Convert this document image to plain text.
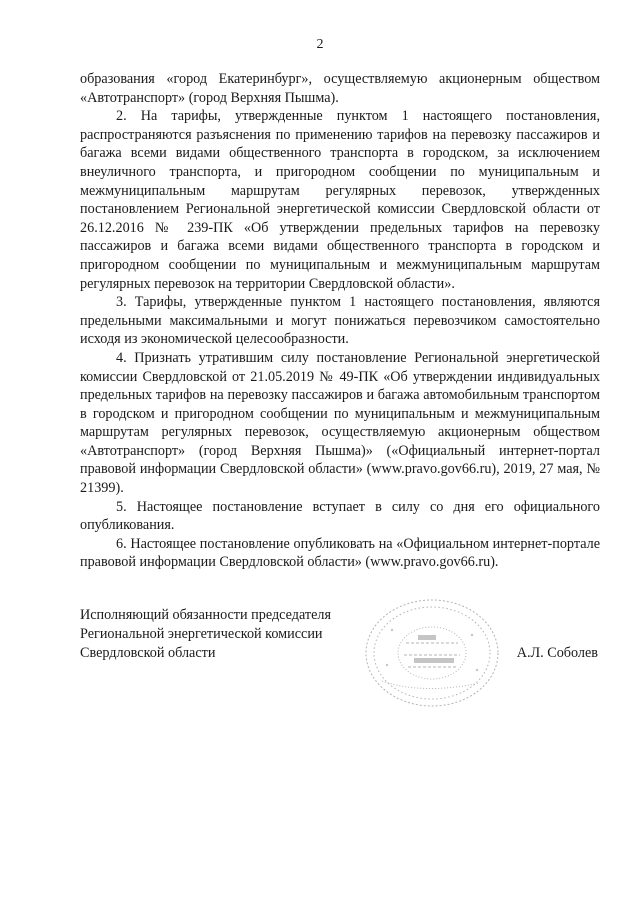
2

образования «город Екатеринбург», осуществляемую акционерным обществом «Автотранспорт» (город Верхняя Пышма).

2. На тарифы, утвержденные пунктом 1 настоящего постановления, распространяются разъяснения по применению тарифов на перевозку пассажиров и багажа всеми видами общественного транспорта в городском, за исключением внеуличного транспорта, и пригородном сообщении по муниципальным и межмуниципальным маршрутам регулярных перевозок, утвержденных постановлением Региональной энергетической комиссии Свердловской области от 26.12.2016 № 239-ПК «Об утверждении предельных тарифов на перевозку пассажиров и багажа всеми видами общественного транспорта в городском и пригородном сообщении по муниципальным и межмуниципальным маршрутам регулярных перевозок на территории Свердловской области».

3. Тарифы, утвержденные пунктом 1 настоящего постановления, являются предельными максимальными и могут понижаться перевозчиком самостоятельно исходя из экономической целесообразности.

4. Признать утратившим силу постановление Региональной энергетической комиссии Свердловской от 21.05.2019 № 49-ПК «Об утверждении индивидуальных предельных тарифов на перевозку пассажиров и багажа автомобильным транспортом в городском и пригородном сообщении по муниципальным и межмуниципальным маршрутам регулярных перевозок, осуществляемую акционерным обществом «Автотранспорт» (город Верхняя Пышма)» («Официальный интернет-портал правовой информации Свердловской области» (www.pravo.gov66.ru), 2019, 27 мая, № 21399).

5. Настоящее постановление вступает в силу со дня его официального опубликования.

6. Настоящее постановление опубликовать на «Официальном интернет-портале правовой информации Свердловской области» (www.pravo.gov66.ru).

Исполняющий обязанности председателя
Региональной энергетической комиссии
Свердловской области	А.Л. Соболев
